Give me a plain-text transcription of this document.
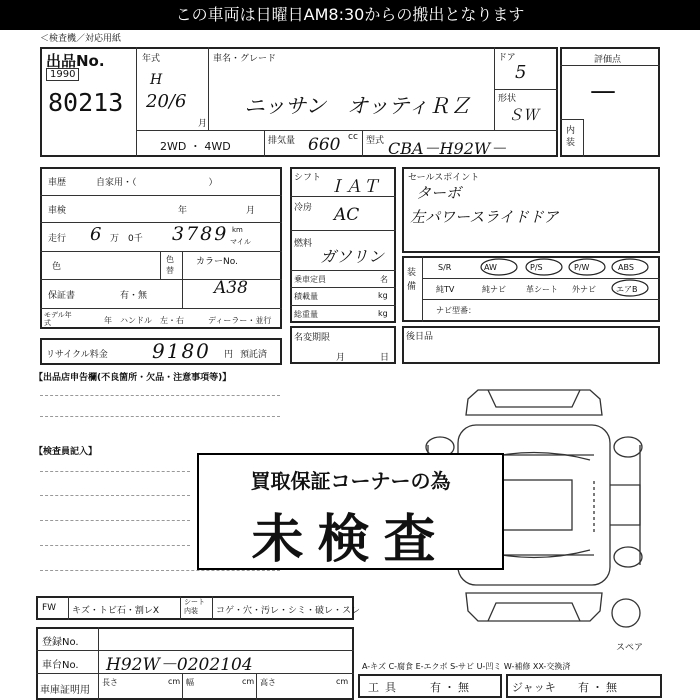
この車両は日曜日AM8:30からの搬出となります
＜検査機／対応用紙
出品No.
1990
80213
年式
H
20/6
月
車名・グレード
ニッサン　オッティＲＺ
ドア
5
形状
ＳＷ
2WD ・ 4WD	排気量 660 cc 型式 CBA－H92W－
評価点
—
内装
車歴	自家用・（　　　　　　　　）
車検	年	月
走行 6 万 0千 3789 km
マイル
色
色替
カラーNo.
A38
保証書	有・無
モデル年式	年 ハンドル　左・右	ディーラー・並行
シフト ＩＡＴ
冷房 AC
燃料
ガソリン
乗車定員	名
積載量	kg
総重量	kg
名変期限
月	日
セールスポイント
ターボ
左パワースライドドア
装備
S/R	AW	P/S	P/W	ABS
純TV	純ナビ	革シート 外ナビ	エアB
ナビ型番：
後日品
リサイクル料金 9180 円 預託済
【出品店申告欄(不良箇所・欠品・注意事項等)】
【検査員記入】
スペア
買取保証コーナーの為
未検査
FW キズ・トビ石・割レX
シート内装	コゲ・穴・汚レ・シミ・破レ・スレ
登録No.
車台No. H92W－0202104
車庫証明用
長さ	cm 幅	cm 高さ	cm
A-キズ C-腐食 E-エクボ S-サビ U-凹ミ W-補修 XX-交換済
工具	有・無	ジャッキ 有・無
